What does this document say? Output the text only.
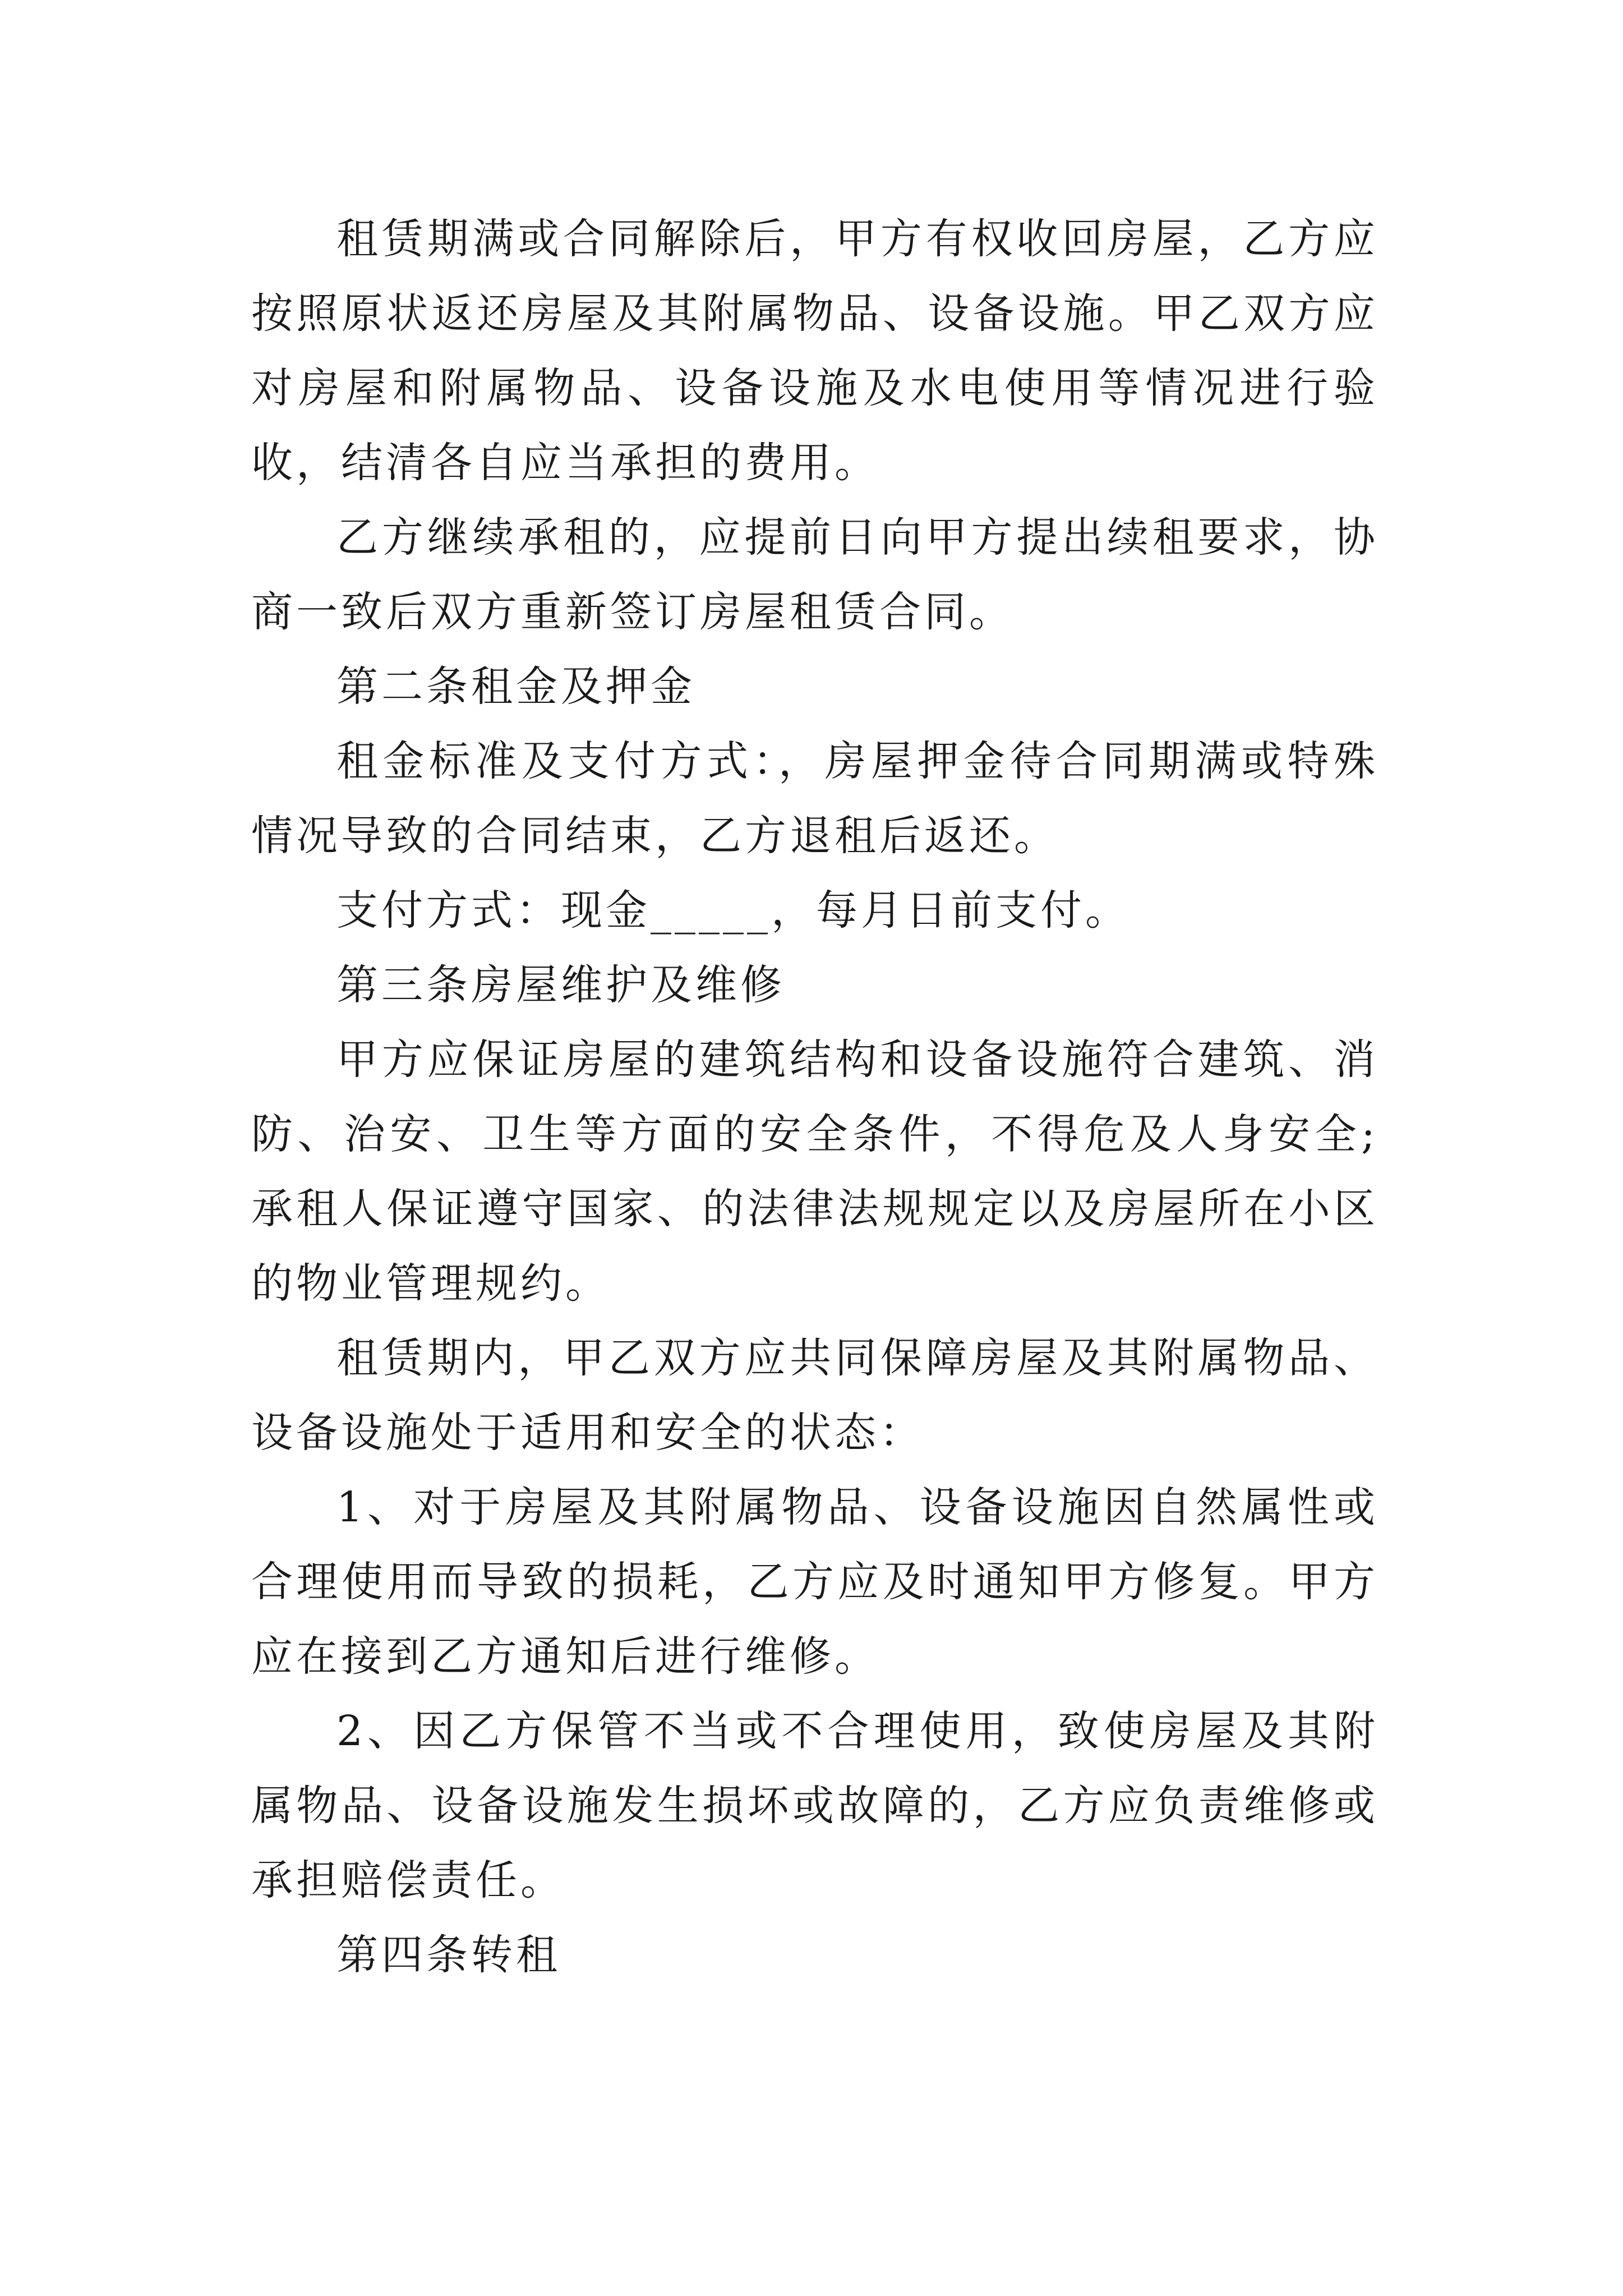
租赁期满或合同解除后，甲方有权收回房屋，乙方应按照原状返还房屋及其附属物品、设备设施。甲乙双方应对房屋和附属物品、设备设施及水电使用等情况进行验收，结清各自应当承担的费用。

乙方继续承租的，应提前日向甲方提出续租要求，协商一致后双方重新签订房屋租赁合同。

第二条租金及押金

租金标准及支付方式：，房屋押金待合同期满或特殊情况导致的合同结束，乙方退租后返还。

支付方式：现金_____，每月日前支付。

第三条房屋维护及维修

甲方应保证房屋的建筑结构和设备设施符合建筑、消防、治安、卫生等方面的安全条件，不得危及人身安全;承租人保证遵守国家、的法律法规规定以及房屋所在小区的物业管理规约。

租赁期内，甲乙双方应共同保障房屋及其附属物品、设备设施处于适用和安全的状态：

1、对于房屋及其附属物品、设备设施因自然属性或合理使用而导致的损耗，乙方应及时通知甲方修复。甲方应在接到乙方通知后进行维修。

2、因乙方保管不当或不合理使用，致使房屋及其附属物品、设备设施发生损坏或故障的，乙方应负责维修或承担赔偿责任。

第四条转租
